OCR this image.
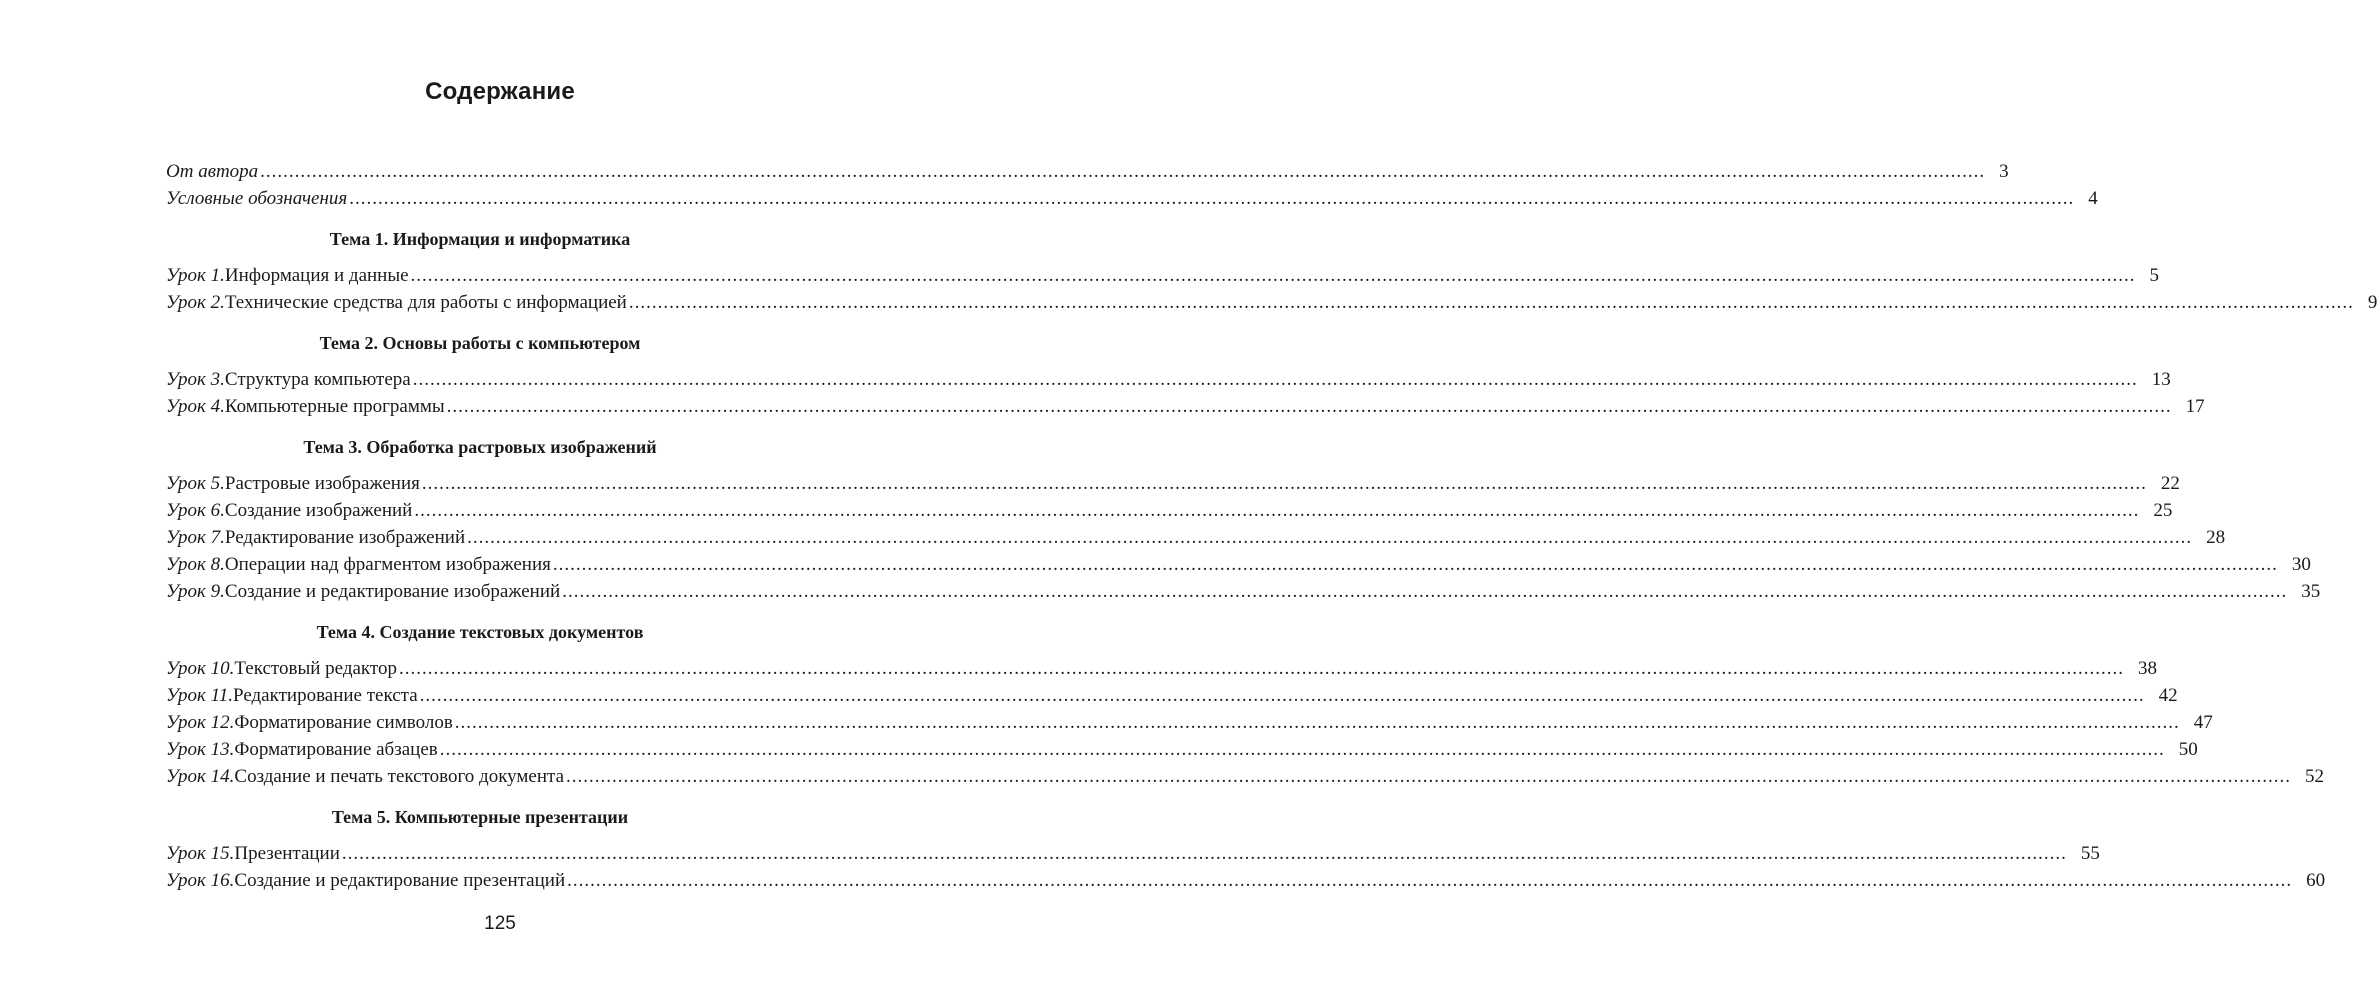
Содержание
От автора ............................................................................................................................................................................................................................................................................................................ 3
Условные обозначения ............................................................................................................................................................................................................................................................................................................ 4
Тема 1. Информация и информатика
Урок 1. Информация и данные ............................................................................................................................................................................................................................................................................................................ 5
Урок 2. Технические средства для работы с информацией ............................................................................................................................................................................................................................................................................................................ 9
Тема 2. Основы работы с компьютером
Урок 3. Структура компьютера ............................................................................................................................................................................................................................................................................................................ 13
Урок 4. Компьютерные программы ............................................................................................................................................................................................................................................................................................................ 17
Тема 3. Обработка растровых изображений
Урок 5. Растровые изображения ............................................................................................................................................................................................................................................................................................................ 22
Урок 6. Создание изображений ............................................................................................................................................................................................................................................................................................................ 25
Урок 7. Редактирование изображений ............................................................................................................................................................................................................................................................................................................ 28
Урок 8. Операции над фрагментом изображения ............................................................................................................................................................................................................................................................................................................ 30
Урок 9. Создание и редактирование изображений ............................................................................................................................................................................................................................................................................................................ 35
Тема 4. Создание текстовых документов
Урок 10. Текстовый редактор ............................................................................................................................................................................................................................................................................................................ 38
Урок 11. Редактирование текста ............................................................................................................................................................................................................................................................................................................ 42
Урок 12. Форматирование символов ............................................................................................................................................................................................................................................................................................................ 47
Урок 13. Форматирование абзацев ............................................................................................................................................................................................................................................................................................................ 50
Урок 14. Создание и печать текстового документа ............................................................................................................................................................................................................................................................................................................ 52
Тема 5. Компьютерные презентации
Урок 15. Презентации ............................................................................................................................................................................................................................................................................................................ 55
Урок 16. Создание и редактирование презентаций ............................................................................................................................................................................................................................................................................................................ 60
125
